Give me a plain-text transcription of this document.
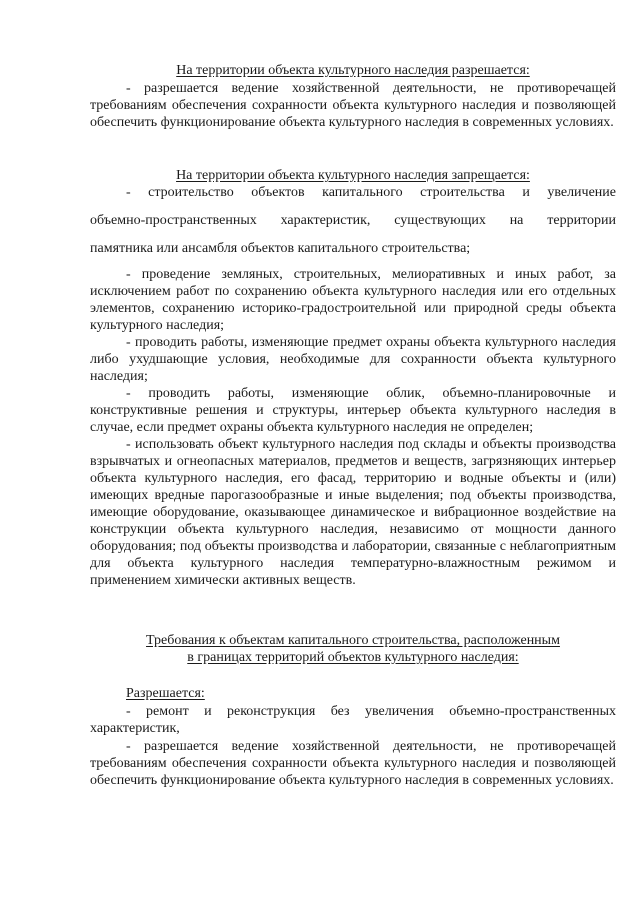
На территории объекта культурного наследия разрешается:

- разрешается ведение хозяйственной деятельности, не противоречащей требованиям обеспечения сохранности объекта культурного наследия и позволяющей обеспечить функционирование объекта культурного наследия в современных условиях.

На территории объекта культурного наследия запрещается:

- строительство объектов капитального строительства и увеличение

объемно-пространственных характеристик, существующих на территории

памятника или ансамбля объектов капитального строительства;

- проведение земляных, строительных, мелиоративных и иных работ, за исключением работ по сохранению объекта культурного наследия или его отдельных элементов, сохранению историко-градостроительной или природной среды объекта культурного наследия;

- проводить работы, изменяющие предмет охраны объекта культурного наследия либо ухудшающие условия, необходимые для сохранности объекта культурного наследия;

- проводить работы, изменяющие облик, объемно-планировочные и конструктивные решения и структуры, интерьер объекта культурного наследия в случае, если предмет охраны объекта культурного наследия не определен;

- использовать объект культурного наследия под склады и объекты производства взрывчатых и огнеопасных материалов, предметов и веществ, загрязняющих интерьер объекта культурного наследия, его фасад, территорию и водные объекты и (или) имеющих вредные парогазообразные и иные выделения; под объекты производства, имеющие оборудование, оказывающее динамическое и вибрационное воздействие на конструкции объекта культурного наследия, независимо от мощности данного оборудования; под объекты производства и лаборатории, связанные с неблагоприятным для объекта культурного наследия температурно-влажностным режимом и применением химически активных веществ.

Требования к объектам капитального строительства, расположенным

в границах территорий объектов культурного наследия:

Разрешается:

- ремонт и реконструкция без увеличения объемно-пространственных характеристик,

- разрешается ведение хозяйственной деятельности, не противоречащей требованиям обеспечения сохранности объекта культурного наследия и позволяющей обеспечить функционирование объекта культурного наследия в современных условиях.
